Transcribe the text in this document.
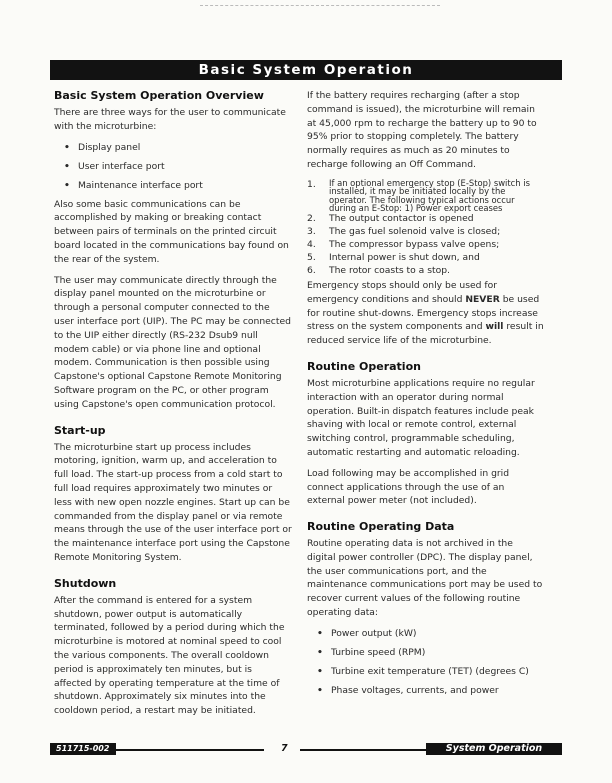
Basic System Operation
Basic System Operation Overview

There are three ways for the user to communicate with the microturbine:

• Display panel
• User interface port
• Maintenance interface port

Also some basic communications can be accomplished by making or breaking contact between pairs of terminals on the printed circuit board located in the communications bay found on the rear of the system.

The user may communicate directly through the display panel mounted on the microturbine or through a personal computer connected to the user interface port (UIP). The PC may be connected to the UIP either directly (RS-232 Dsub9 null modem cable) or via phone line and optional modem. Communication is then possible using Capstone's optional Capstone Remote Monitoring Software program on the PC, or other program using Capstone's open communication protocol.

Start-up

The microturbine start up process includes motoring, ignition, warm up, and acceleration to full load. The start-up process from a cold start to full load requires approximately two minutes or less with new open nozzle engines. Start up can be commanded from the display panel or via remote means through the use of the user interface port or the maintenance interface port using the Capstone Remote Monitoring System.

Shutdown

After the command is entered for a system shutdown, power output is automatically terminated, followed by a period during which the microturbine is motored at nominal speed to cool the various components. The overall cooldown period is approximately ten minutes, but is affected by operating temperature at the time of shutdown. Approximately six minutes into the cooldown period, a restart may be initiated.

If the battery requires recharging (after a stop command is issued), the microturbine will remain at 45,000 rpm to recharge the battery up to 90 to 95% prior to stopping completely. The battery normally requires as much as 20 minutes to recharge following an Off Command.

1.	If an optional emergency stop (E-Stop) switch is installed, it may be initiated locally by the operator. The following typical actions occur during an E-Stop: 1) Power export ceases
2.	The output contactor is opened
3.	The gas fuel solenoid valve is closed;
4.	The compressor bypass valve opens;
5.	Internal power is shut down, and
6.	The rotor coasts to a stop.

Emergency stops should only be used for emergency conditions and should NEVER be used for routine shut-downs. Emergency stops increase stress on the system components and will result in reduced service life of the microturbine.

Routine Operation

Most microturbine applications require no regular interaction with an operator during normal operation. Built-in dispatch features include peak shaving with local or remote control, external switching control, programmable scheduling, automatic restarting and automatic reloading.

Load following may be accomplished in grid connect applications through the use of an external power meter (not included).

Routine Operating Data

Routine operating data is not archived in the digital power controller (DPC). The display panel, the user communications port, and the maintenance communications port may be used to recover current values of the following routine operating data:

• Power output (kW)
• Turbine speed (RPM)
• Turbine exit temperature (TET) (degrees C)
• Phase voltages, currents, and power
511715-002	7	System Operation
